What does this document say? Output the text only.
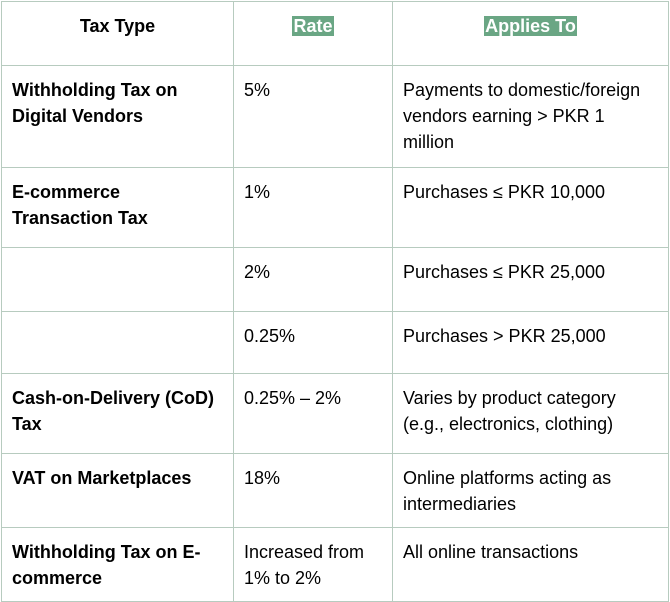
Tax Type	Rate	Applies To
Withholding Tax on Digital Vendors	5%	Payments to domestic/foreign vendors earning > PKR 1 million
E-commerce Transaction Tax	1%	Purchases ≤ PKR 10,000
	2%	Purchases ≤ PKR 25,000
	0.25%	Purchases > PKR 25,000
Cash-on-Delivery (CoD) Tax	0.25% – 2%	Varies by product category (e.g., electronics, clothing)
VAT on Marketplaces	18%	Online platforms acting as intermediaries
Withholding Tax on E-commerce	Increased from 1% to 2%	All online transactions
